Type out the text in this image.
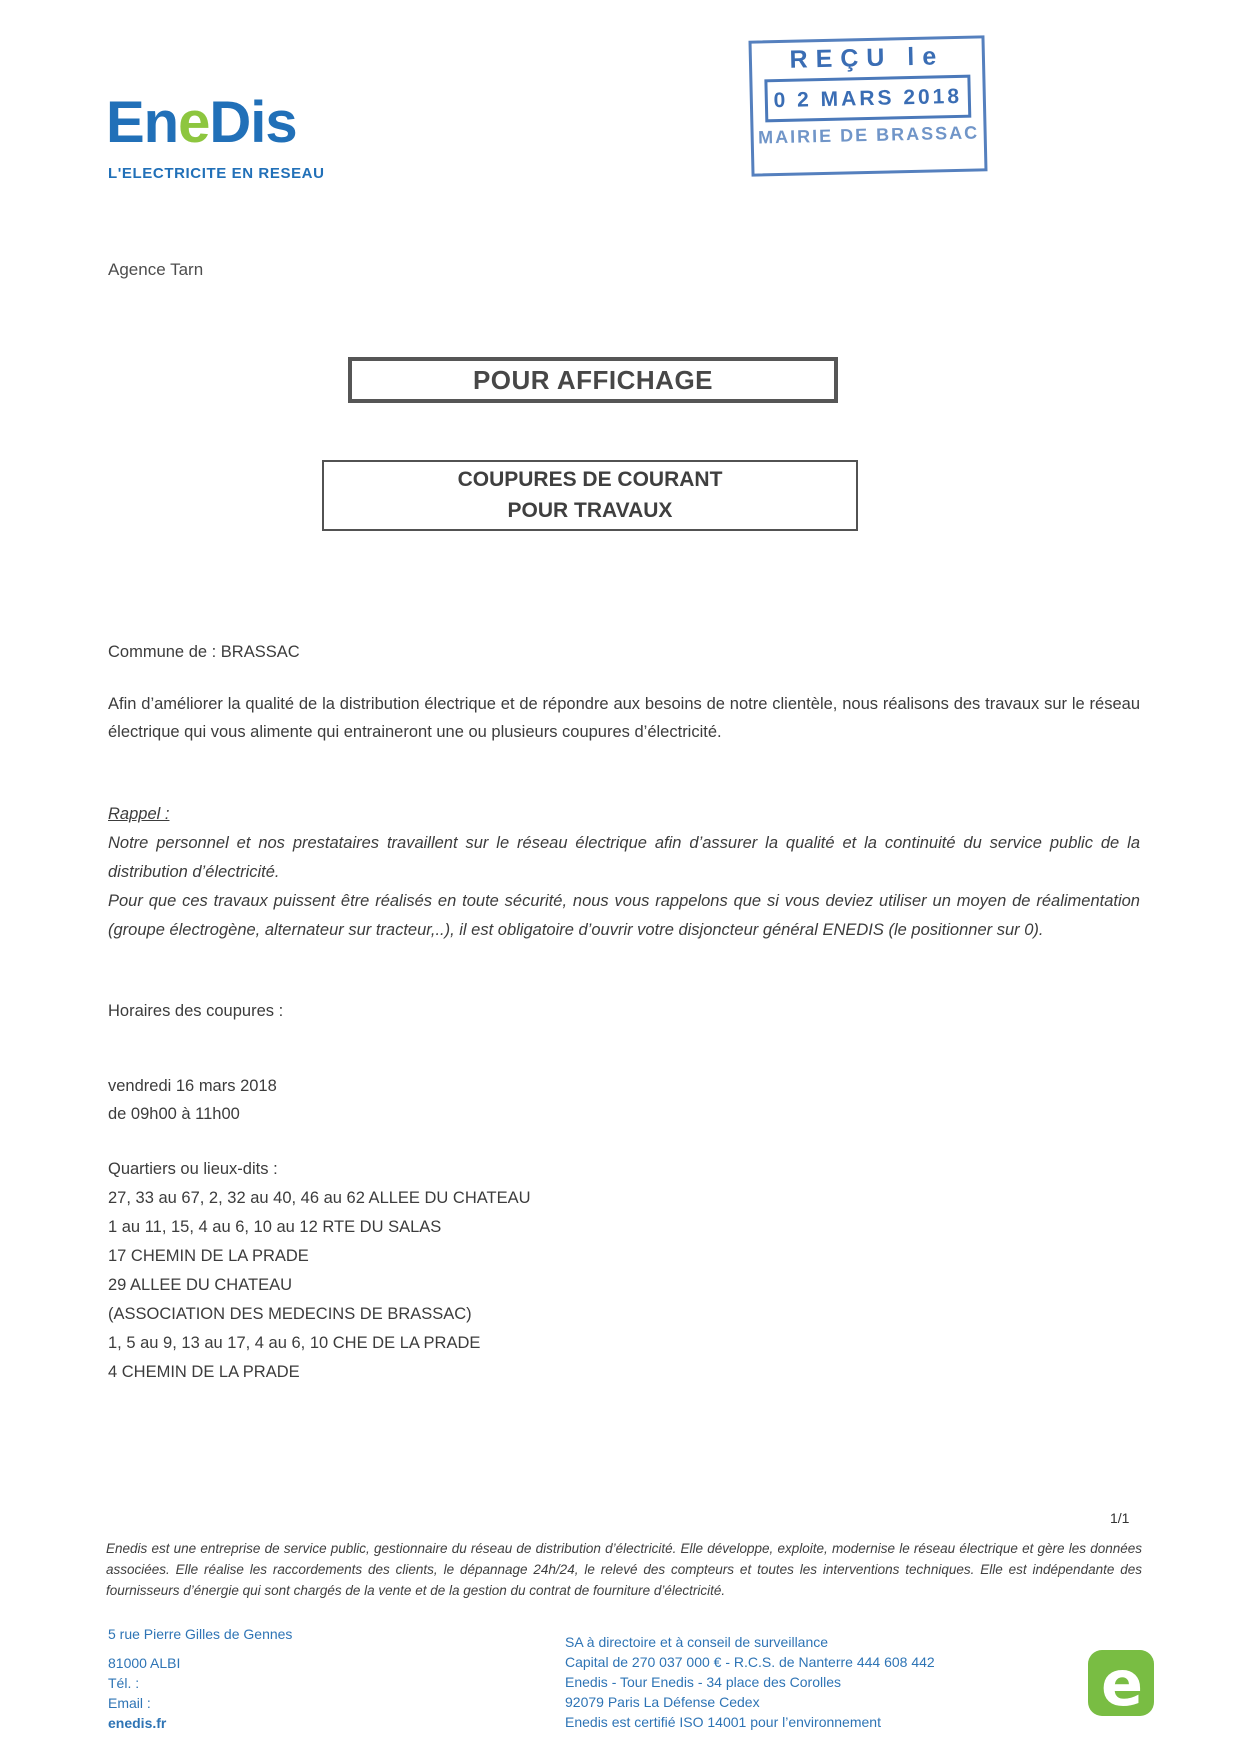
REÇU le
0 2 MARS 2018
MAIRIE DE BRASSAC
EneDis
L'ELECTRICITE EN RESEAU
Agence Tarn
POUR AFFICHAGE
COUPURES DE COURANT
POUR TRAVAUX
Commune de : BRASSAC
Afin d’améliorer la qualité de la distribution électrique et de répondre aux besoins de notre clientèle, nous réalisons des travaux sur le réseau électrique qui vous alimente qui entraineront une ou plusieurs coupures d’électricité.
Rappel :
Notre personnel et nos prestataires travaillent sur le réseau électrique afin d’assurer la qualité et la continuité du service public de la distribution d’électricité.
Pour que ces travaux puissent être réalisés en toute sécurité, nous vous rappelons que si vous deviez utiliser un moyen de réalimentation (groupe électrogène, alternateur sur tracteur,..), il est obligatoire d’ouvrir votre disjoncteur général ENEDIS (le positionner sur 0).
Horaires des coupures :
vendredi 16 mars 2018
de 09h00 à 11h00
Quartiers ou lieux-dits :
27, 33 au 67, 2, 32 au 40, 46 au 62 ALLEE DU CHATEAU
1 au 11, 15, 4 au 6, 10 au 12 RTE DU SALAS
17 CHEMIN DE LA PRADE
29 ALLEE DU CHATEAU
(ASSOCIATION DES MEDECINS DE BRASSAC)
1, 5 au 9, 13 au 17, 4 au 6, 10 CHE DE LA PRADE
4 CHEMIN DE LA PRADE
1/1
Enedis est une entreprise de service public, gestionnaire du réseau de distribution d’électricité. Elle développe, exploite, modernise le réseau électrique et gère les données associées. Elle réalise les raccordements des clients, le dépannage 24h/24, le relevé des compteurs et toutes les interventions techniques. Elle est indépendante des fournisseurs d’énergie qui sont chargés de la vente et de la gestion du contrat de fourniture d’électricité.
5 rue Pierre Gilles de Gennes
81000 ALBI
Tél. :
Email :
enedis.fr
SA à directoire et à conseil de surveillance
Capital de 270 037 000 € - R.C.S. de Nanterre 444 608 442
Enedis - Tour Enedis - 34 place des Corolles
92079 Paris La Défense Cedex
Enedis est certifié ISO 14001 pour l’environnement
e
